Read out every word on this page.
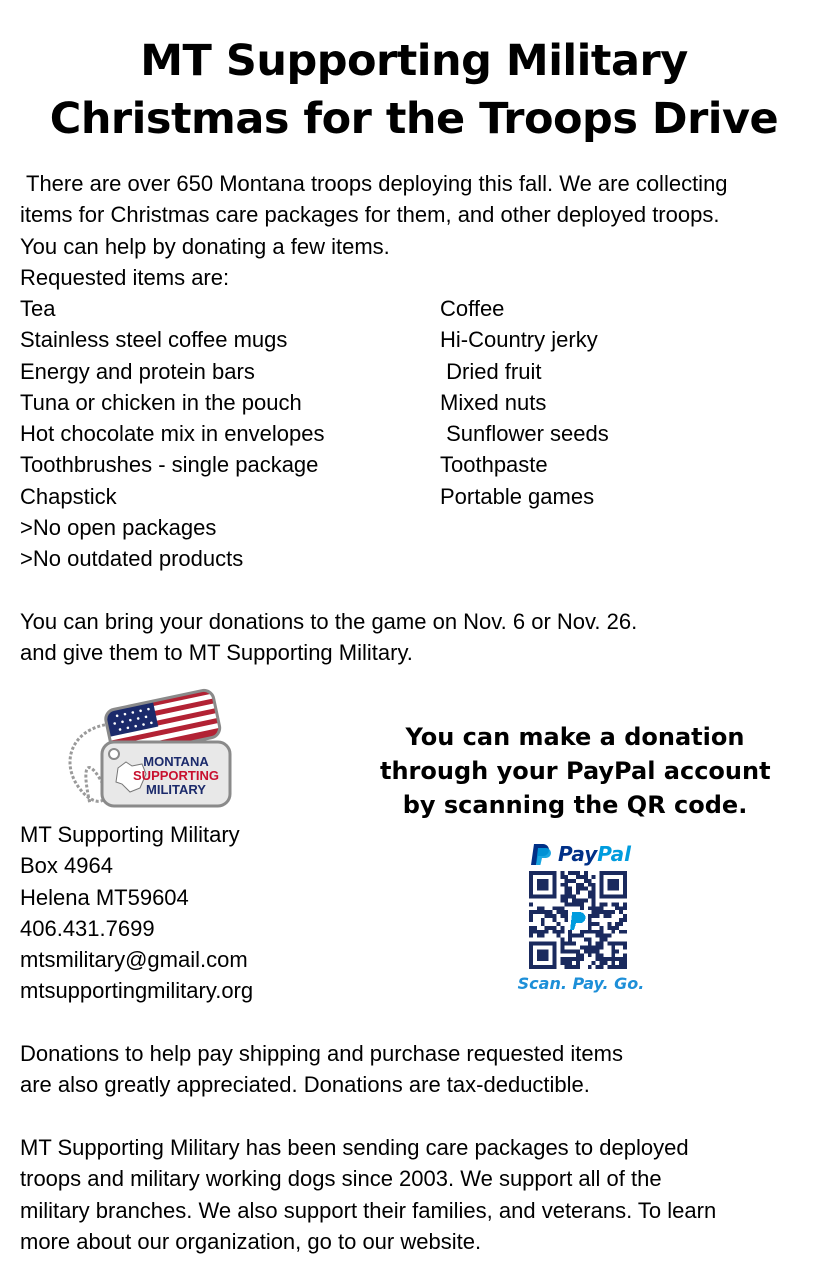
MT Supporting Military
Christmas for the Troops Drive
There are over 650 Montana troops deploying this fall. We are collecting
items for Christmas care packages for them, and other deployed troops.
You can help by donating a few items.
Requested items are:
Tea	Coffee
Stainless steel coffee mugs	Hi-Country jerky
Energy and protein bars	Dried fruit
Tuna or chicken in the pouch	Mixed nuts
Hot chocolate mix in envelopes	Sunflower seeds
Toothbrushes - single package	Toothpaste
Chapstick	Portable games
>No open packages
>No outdated products
You can bring your donations to the game on Nov. 6 or Nov. 26.
and give them to MT Supporting Military.
MONTANA
SUPPORTING
MILITARY
You can make a donation
through your PayPal account
by scanning the QR code.
MT Supporting Military
Box 4964
Helena MT59604
406.431.7699
mtsmilitary@gmail.com
mtsupportingmilitary.org
Pay Pal
Scan. Pay. Go.
Donations to help pay shipping and purchase requested items
are also greatly appreciated. Donations are tax-deductible.
MT Supporting Military has been sending care packages to deployed
troops and military working dogs since 2003. We support all of the
military branches. We also support their families, and veterans. To learn
more about our organization, go to our website.
